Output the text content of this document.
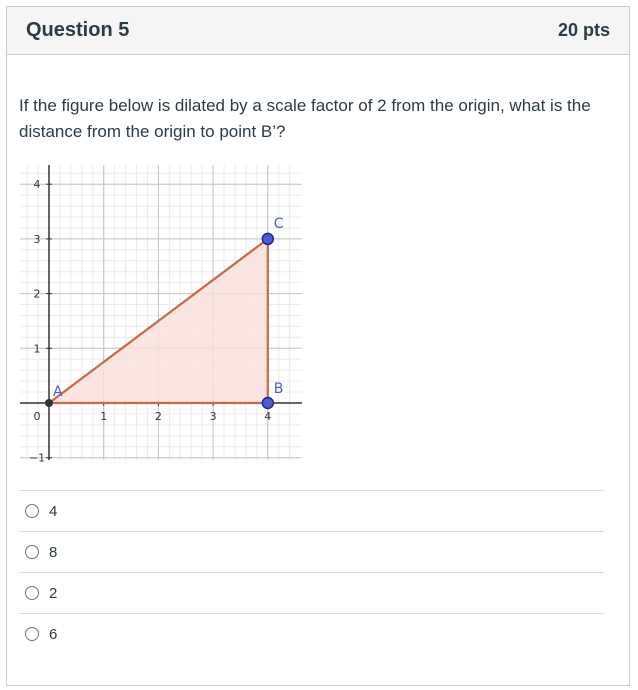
Question 5	20 pts
If the figure below is dilated by a scale factor of 2 from the origin, what is the distance from the origin to point B’?
0	1	2	3	4
4
3
2
1
−1
A	B
C
4
8
2
6
